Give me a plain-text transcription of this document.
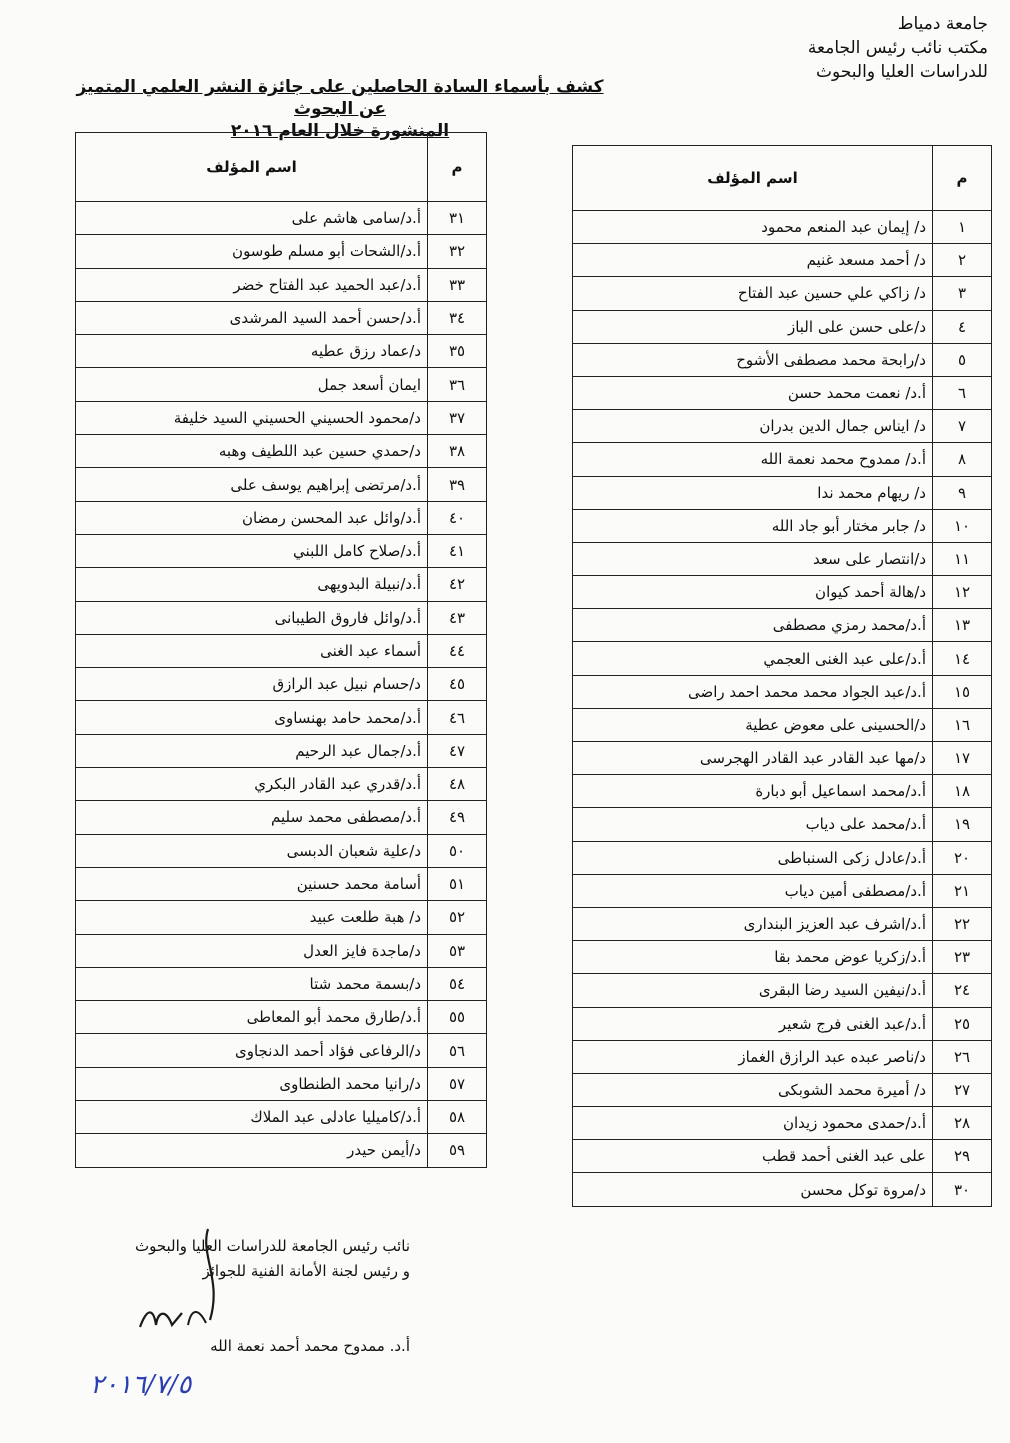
جامعة دمياط
مكتب نائب رئيس الجامعة
للدراسات العليا والبحوث
كشف بأسماء السادة الحاصلين على جائزة النشر العلمي المتميز عن البحوث
المنشورة خلال العام ٢٠١٦
م	اسم المؤلف
٣١	أ.د/سامى هاشم على
٣٢	أ.د/الشحات أبو مسلم طوسون
٣٣	أ.د/عبد الحميد عبد الفتاح خضر
٣٤	أ.د/حسن أحمد السيد المرشدى
٣٥	د/عماد رزق عطيه
٣٦	ايمان أسعد جمل
٣٧	د/محمود الحسيني الحسيني السيد خليفة
٣٨	د/حمدي حسين عبد اللطيف وهبه
٣٩	أ.د/مرتضى إبراهيم يوسف على
٤٠	أ.د/وائل عبد المحسن رمضان
٤١	أ.د/صلاح كامل اللبني
٤٢	أ.د/نبيلة البدويهى
٤٣	أ.د/وائل فاروق الطيبانى
٤٤	أسماء عبد الغنى
٤٥	د/حسام نبيل عبد الرازق
٤٦	أ.د/محمد حامد بهنساوى
٤٧	أ.د/جمال عبد الرحيم
٤٨	أ.د/قدري عبد القادر البكري
٤٩	أ.د/مصطفى محمد سليم
٥٠	د/علية شعبان الدبسى
٥١	أسامة محمد حسنين
٥٢	د/ هبة طلعت عبيد
٥٣	د/ماجدة فايز العدل
٥٤	د/بسمة محمد شتا
٥٥	أ.د/طارق محمد أبو المعاطى
٥٦	د/الرفاعى فؤاد أحمد الدنجاوى
٥٧	د/رانيا محمد الطنطاوى
٥٨	أ.د/كاميليا عادلى عبد الملاك
٥٩	د/أيمن حيدر
م	اسم المؤلف
١	د/ إيمان عبد المنعم محمود
٢	د/ أحمد مسعد غنيم
٣	د/ زاكي علي حسين عبد الفتاح
٤	د/على حسن على الباز
٥	د/رابحة محمد مصطفى الأشوح
٦	أ.د/ نعمت محمد حسن
٧	د/ ايناس جمال الدين بدران
٨	أ.د/ ممدوح محمد نعمة الله
٩	د/ ريهام محمد ندا
١٠	د/ جابر مختار أبو جاد الله
١١	د/انتصار على سعد
١٢	د/هالة أحمد كيوان
١٣	أ.د/محمد رمزي مصطفى
١٤	أ.د/على عبد الغنى العجمي
١٥	أ.د/عبد الجواد محمد محمد احمد راضى
١٦	د/الحسينى على معوض عطية
١٧	د/مها عبد القادر عبد القادر الهجرسى
١٨	أ.د/محمد اسماعيل أبو دبارة
١٩	أ.د/محمد على دياب
٢٠	أ.د/عادل زكى السنباطى
٢١	أ.د/مصطفى أمين دياب
٢٢	أ.د/اشرف عبد العزيز البندارى
٢٣	أ.د/زكريا عوض محمد بقا
٢٤	أ.د/نيفين السيد رضا البقرى
٢٥	أ.د/عبد الغنى فرج شعير
٢٦	د/ناصر عبده عبد الرازق الغماز
٢٧	د/ أميرة محمد الشوبكى
٢٨	أ.د/حمدى محمود زيدان
٢٩	على عبد الغنى أحمد قطب
٣٠	د/مروة توكل محسن
نائب رئيس الجامعة للدراسات العليا والبحوث
و رئيس لجنة الأمانة الفنية للجوائز
أ.د. ممدوح محمد أحمد نعمة الله
٢٠١٦/٧/٥
